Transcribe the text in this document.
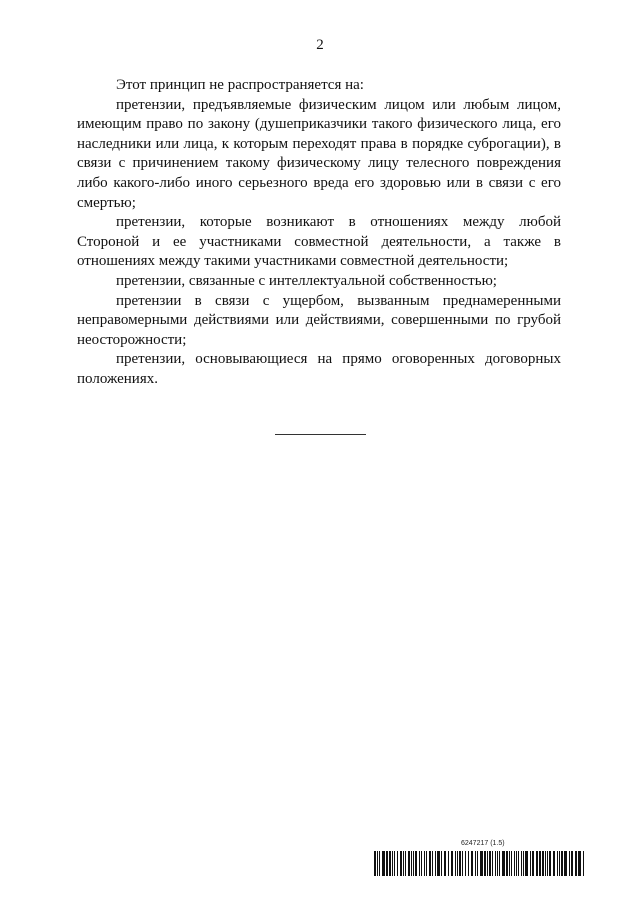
2

Этот принцип не распространяется на:

претензии, предъявляемые физическим лицом или любым лицом, имеющим право по закону (душеприказчики такого физического лица, его наследники или лица, к которым переходят права в порядке суброгации), в связи с причинением такому физическому лицу телесного повреждения либо какого-либо иного серьезного вреда его здоровью или в связи с его смертью;

претензии, которые возникают в отношениях между любой Стороной и ее участниками совместной деятельности, а также в отношениях между такими участниками совместной деятельности;

претензии, связанные с интеллектуальной собственностью;

претензии в связи с ущербом, вызванным преднамеренными неправомерными действиями или действиями, совершенными по грубой неосторожности;

претензии, основывающиеся на прямо оговоренных договорных положениях.

6247217 (1.5)
